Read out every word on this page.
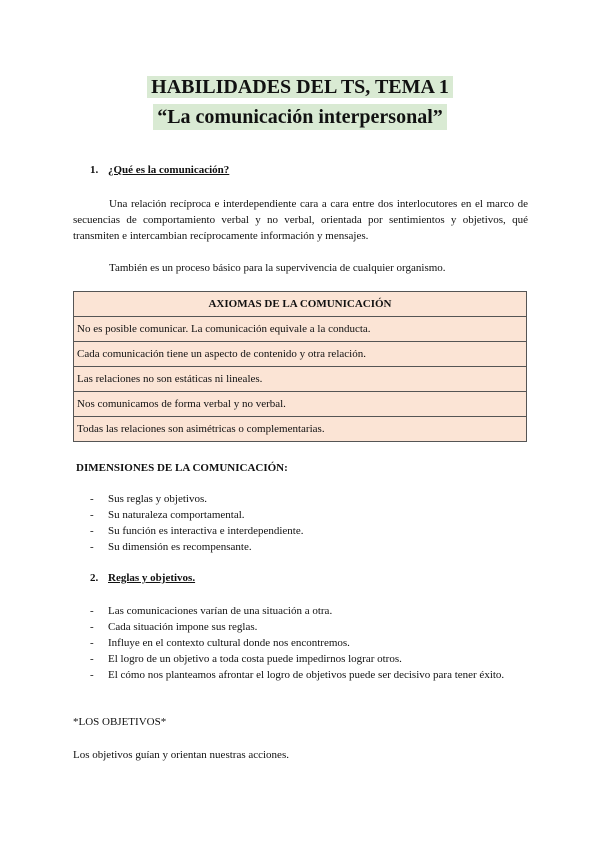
HABILIDADES DEL TS, TEMA 1
“La comunicación interpersonal”
1. ¿Qué es la comunicación?
Una relación recíproca e interdependiente cara a cara entre dos interlocutores en el marco de secuencias de comportamiento verbal y no verbal, orientada por sentimientos y objetivos, qué transmiten e intercambian recíprocamente información y mensajes.
También es un proceso básico para la supervivencia de cualquier organismo.
AXIOMAS DE LA COMUNICACIÓN
No es posible comunicar. La comunicación equivale a la conducta.
Cada comunicación tiene un aspecto de contenido y otra relación.
Las relaciones no son estáticas ni lineales.
Nos comunicamos de forma verbal y no verbal.
Todas las relaciones son asimétricas o complementarias.
DIMENSIONES DE LA COMUNICACIÓN:
- Sus reglas y objetivos.
- Su naturaleza comportamental.
- Su función es interactiva e interdependiente.
- Su dimensión es recompensante.
2. Reglas y objetivos.
- Las comunicaciones varían de una situación a otra.
- Cada situación impone sus reglas.
- Influye en el contexto cultural donde nos encontremos.
- El logro de un objetivo a toda costa puede impedirnos lograr otros.
- El cómo nos planteamos afrontar el logro de objetivos puede ser decisivo para tener éxito.
*LOS OBJETIVOS*
Los objetivos guían y orientan nuestras acciones.
